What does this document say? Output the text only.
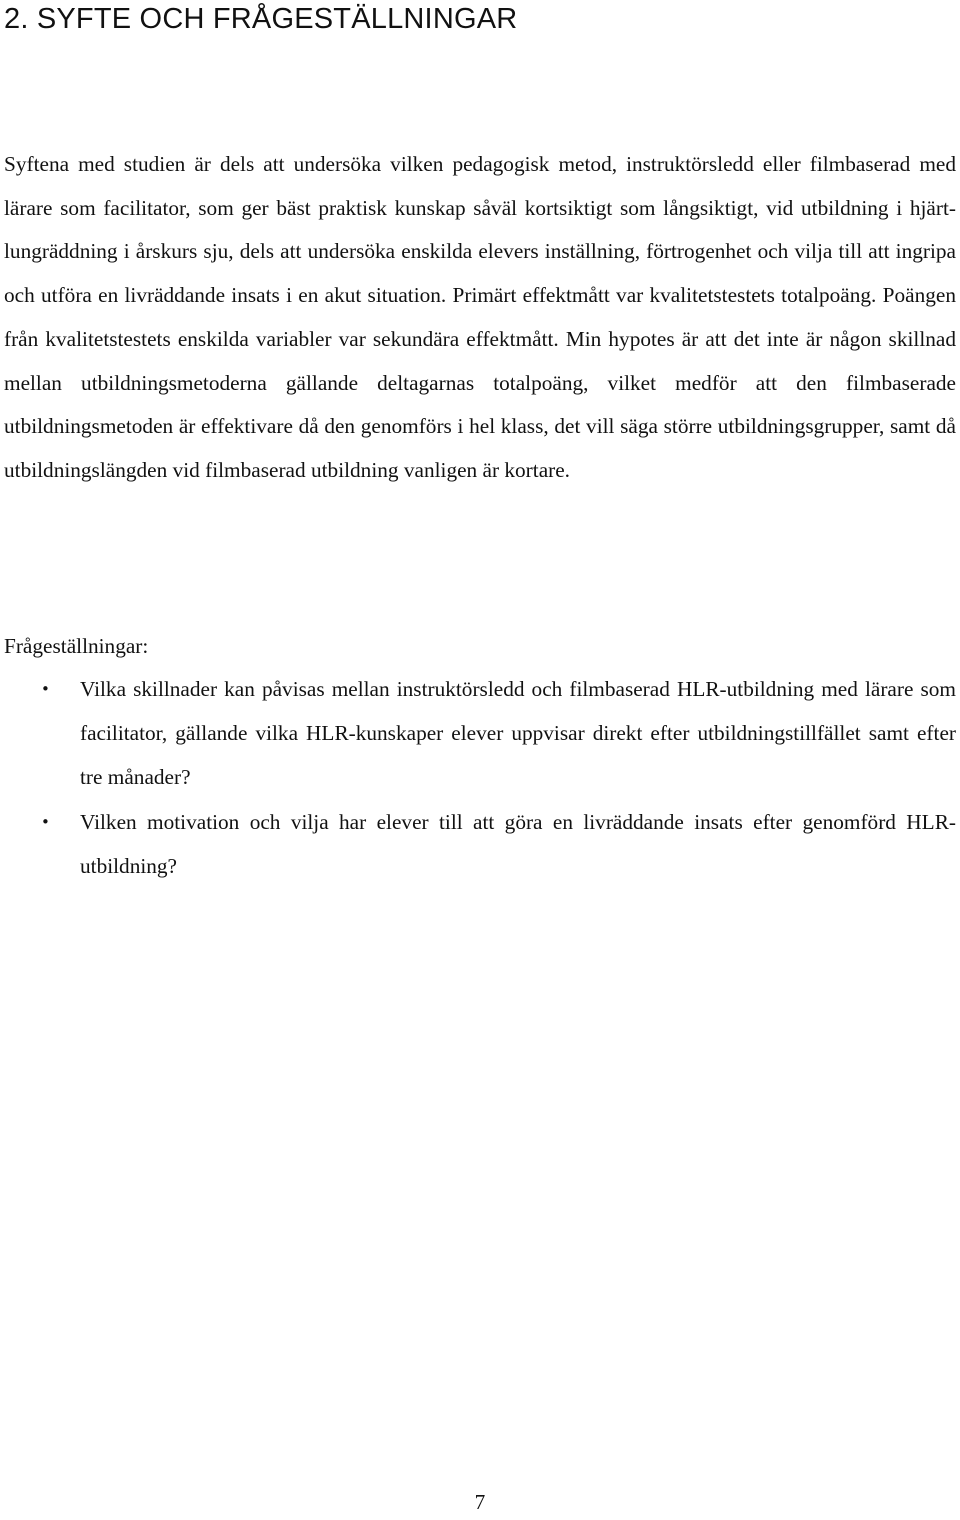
2. SYFTE OCH FRÅGESTÄLLNINGAR

Syftena med studien är dels att undersöka vilken pedagogisk metod, instruktörsledd eller filmbaserad med lärare som facilitator, som ger bäst praktisk kunskap såväl kortsiktigt som långsiktigt, vid utbildning i hjärt-lungräddning i årskurs sju, dels att undersöka enskilda elevers inställning, förtrogenhet och vilja till att ingripa och utföra en livräddande insats i en akut situation. Primärt effektmått var kvalitetstestets totalpoäng. Poängen från kvalitetstestets enskilda variabler var sekundära effektmått. Min hypotes är att det inte är någon skillnad mellan utbildningsmetoderna gällande deltagarnas totalpoäng, vilket medför att den filmbaserade utbildningsmetoden är effektivare då den genomförs i hel klass, det vill säga större utbildningsgrupper, samt då utbildningslängden vid filmbaserad utbildning vanligen är kortare.

Frågeställningar:

• Vilka skillnader kan påvisas mellan instruktörsledd och filmbaserad HLR-utbildning med lärare som facilitator, gällande vilka HLR-kunskaper elever uppvisar direkt efter utbildningstillfället samt efter tre månader?
• Vilken motivation och vilja har elever till att göra en livräddande insats efter genomförd HLR-utbildning?

7
